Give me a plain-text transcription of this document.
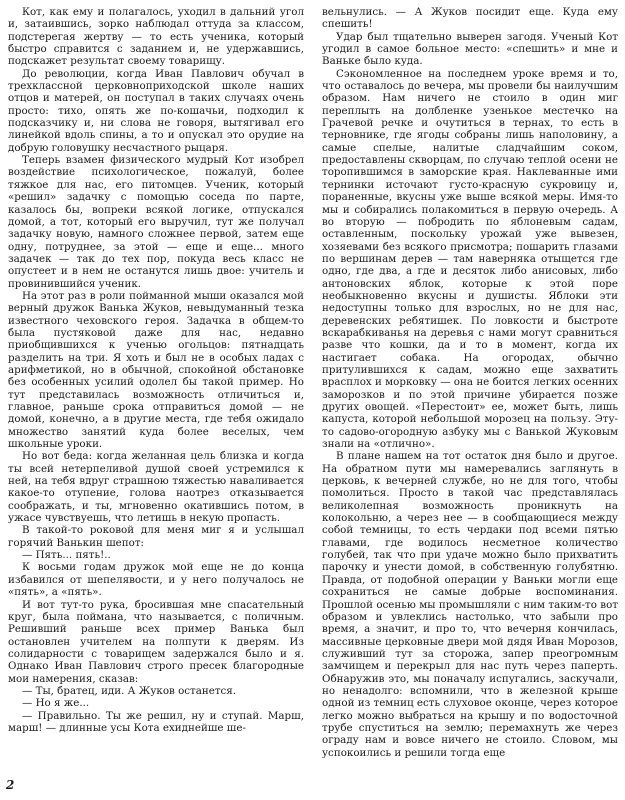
Кот, как ему и полагалось, уходил в дальний угол и, затаившись, зорко наблюдал оттуда за классом, подстерегая жертву — то есть ученика, который быстро справится с заданием и, не удержавшись, подскажет результат своему товарищу.

До революции, когда Иван Павлович обучал в трехклассной церковноприходской школе наших отцов и матерей, он поступал в таких случаях очень просто: тихо, опять же по-кошачьи, подходил к подсказчику и, ни слова не говоря, вытягивал его линейкой вдоль спины, а то и опускал это орудие на добрую головушку несчастного рыцаря.

Теперь взамен физического мудрый Кот изобрел воздействие психологическое, пожалуй, более тяжкое для нас, его питомцев. Ученик, который «решил» задачку с помощью соседа по парте, казалось бы, вопреки всякой логике, отпускался домой, а тот, который его выручил, тут же получал задачку новую, намного сложнее первой, затем еще одну, потруднее, за этой — еще и еще... много задачек — так до тех пор, покуда весь класс не опустеет и в нем не останутся лишь двое: учитель и провинившийся ученик.

На этот раз в роли пойманной мыши оказался мой верный дружок Ванька Жуков, невыдуманный тезка известного чеховского героя. Задачка в общем-то была пустяковой даже для нас, недавно приобщившихся к ученью огольцов: пятнадцать разделить на три. Я хоть и был не в особых ладах с арифметикой, но в обычной, спокойной обстановке без особенных усилий одолел бы такой пример. Но тут представилась возможность отличиться и, главное, раньше срока отправиться домой — не домой, конечно, а в другие места, где тебя ожидало множество занятий куда более веселых, чем школьные уроки.

Но вот беда: когда желанная цель близка и когда ты всей нетерпеливой душой своей устремился к ней, на тебя вдруг страшною тяжестью наваливается какое-то отупение, голова наотрез отказывается соображать, и ты, мгновенно окатившись потом, в ужасе чувствуешь, что летишь в некую пропасть.

В такой-то роковой для меня миг я и услышал горячий Ванькин шепот:

— Пять... пять!..

К восьми годам дружок мой еще не до конца избавился от шепелявости, и у него получалось не «пять», а «пять».

И вот тут-то рука, бросившая мне спасательный круг, была поймана, что называется, с поличным. Решивший раньше всех пример Ванька был остановлен учителем на полпути к дверям. Из солидарности с товарищем задержался было и я. Однако Иван Павлович строго пресек благородные мои намерения, сказав:

— Ты, братец, иди. А Жуков останется.

— Но я же...

— Правильно. Ты же решил, ну и ступай. Марш, марш! — длинные усы Кота ехиднейше ше-

вельнулись. — А Жуков посидит еще. Куда ему спешить!

Удар был тщательно выверен загодя. Ученый Кот угодил в самое больное место: «спешить» и мне и Ваньке было куда.

Сэкономленное на последнем уроке время и то, что оставалось до вечера, мы провели бы наилучшим образом. Нам ничего не стоило в один миг переплыть на долбленке узенькое местечко на Грачевой речке и очутиться в тернах, то есть в терновнике, где ягоды собраны лишь наполовину, а самые спелые, налитые сладчайшим соком, предоставлены скворцам, по случаю теплой осени не торопившимся в заморские края. Наклеванные ими тернинки источают густо-красную сукровицу и, пораненные, вкусны уже выше всякой меры. Имя-то мы и собирались полакомиться в первую очередь. А во вторую — побродить по яблоневым садам, оставленным, поскольку урожай уже вывезен, хозяевами без всякого присмотра; пошарить глазами по вершинам дерев — там наверняка отыщется где одно, где два, а где и десяток либо анисовых, либо антоновских яблок, которые к этой поре необыкновенно вкусны и душисты. Яблоки эти недоступны только для взрослых, но не для нас, деревенских ребятишек. По ловкости и быстроте вскарабкиванья на деревья с нами могут сравниться разве что кошки, да и то в момент, когда их настигает собака. На огородах, обычно притулившихся к садам, можно еще захватить врасплох и морковку — она не боится легких осенних заморозков и по этой причине убирается позже других овощей. «Перестоит» ее, может быть, лишь капуста, которой небольшой морозец на пользу. Эту-то садово-огородную азбуку мы с Ванькой Жуковым знали на «отлично».

В плане нашем на тот остаток дня было и другое. На обратном пути мы намеревались заглянуть в церковь, к вечерней службе, но не для того, чтобы помолиться. Просто в такой час представлялась великолепная возможность проникнуть на колокольню, а через нее — в сообщающиеся между собой темницы, то есть чердаки под всеми пятью главами, где водилось несметное количество голубей, так что при удаче можно было прихватить парочку и унести домой, в собственную голубятню. Правда, от подобной операции у Ваньки могли еще сохраниться не самые добрые воспоминания. Прошлой осенью мы промышляли с ним таким-то вот образом и увлеклись настолько, что забыли про время, а значит, и про то, что вечерня кончилась, массивные церковные двери мой дядя Иван Морозов, служивший тут за сторожа, запер преогромным замчищем и перекрыл для нас путь через паперть. Обнаружив это, мы поначалу испугались, заскучали, но ненадолго: вспомнили, что в железной крыше одной из темниц есть слуховое оконце, через которое легко можно выбраться на крышу и по водосточной трубе спуститься на землю; перемахнуть же через ограду нам и вовсе ничего не стоило. Словом, мы успокоились и решили тогда еще

2
